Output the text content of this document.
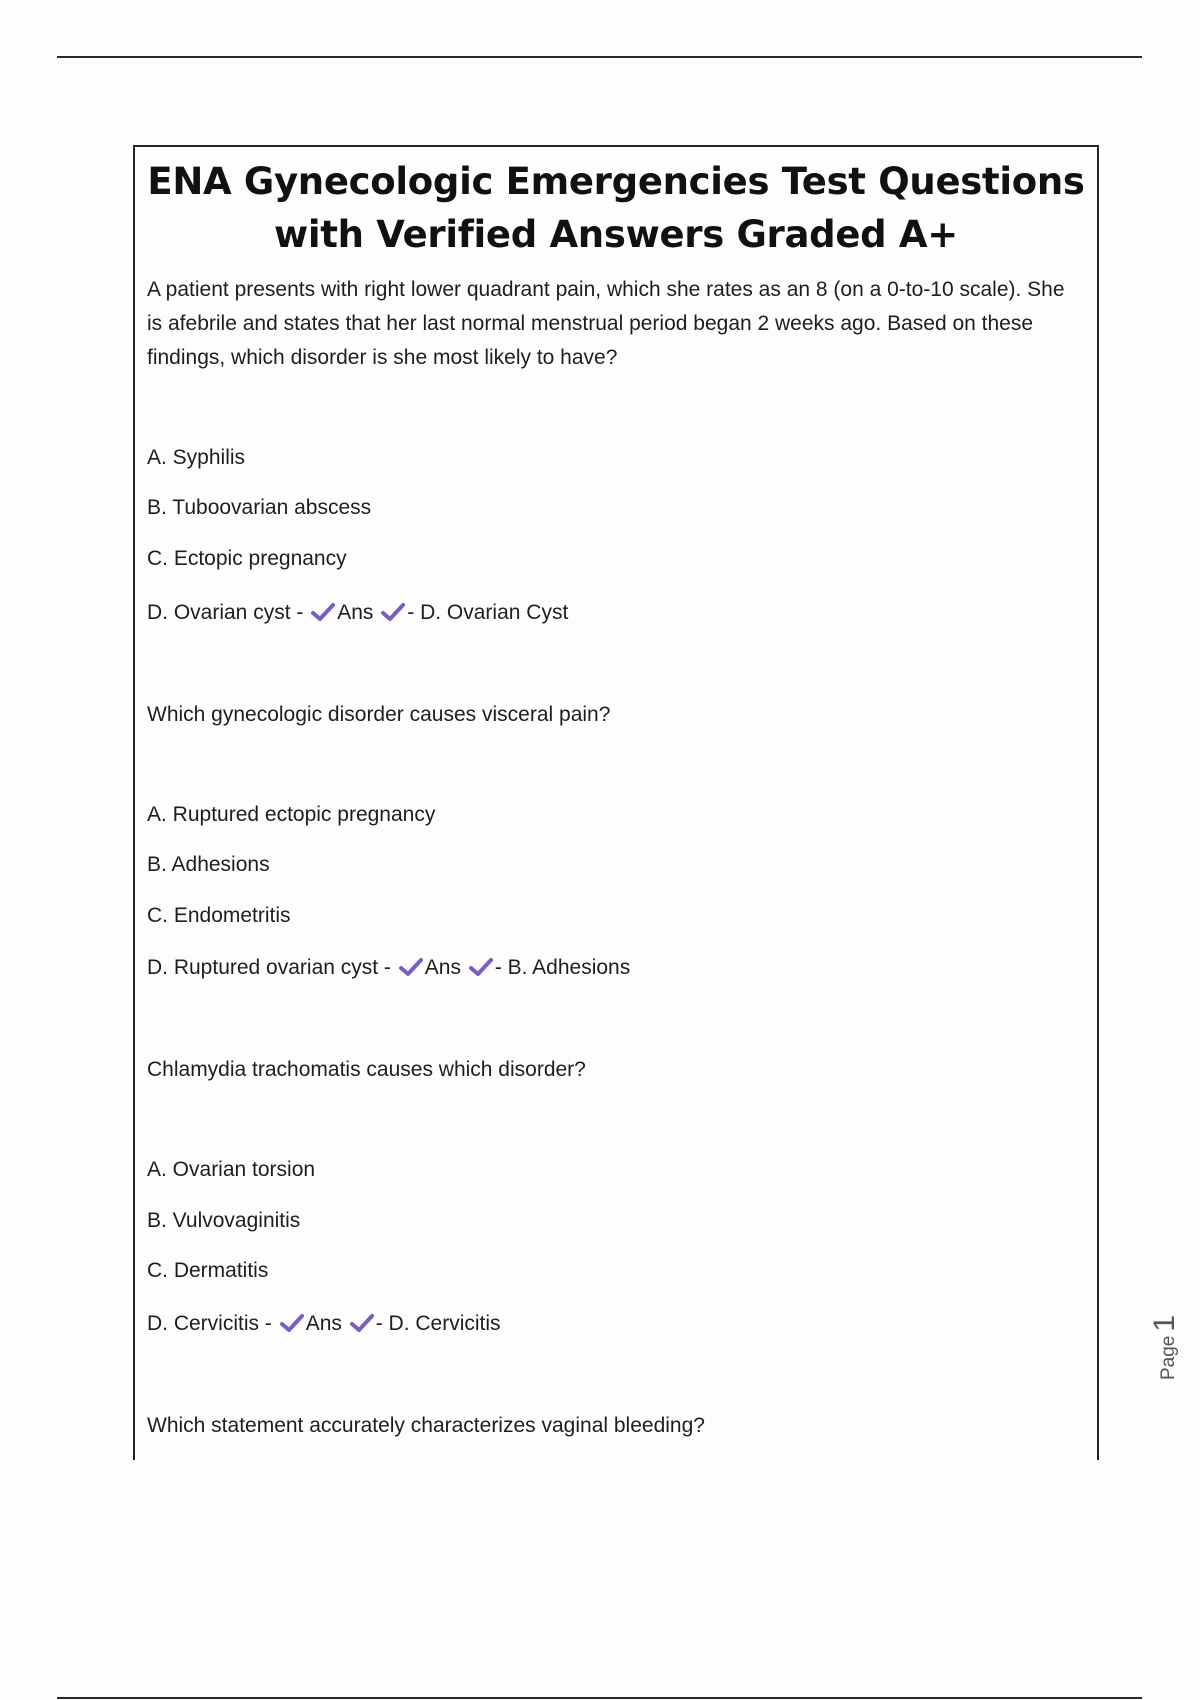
ENA Gynecologic Emergencies Test Questions
with Verified Answers Graded A+
A patient presents with right lower quadrant pain, which she rates as an 8 (on a 0-to-10 scale). She is afebrile and states that her last normal menstrual period began 2 weeks ago. Based on these findings, which disorder is she most likely to have?
A. Syphilis
B. Tuboovarian abscess
C. Ectopic pregnancy
D. Ovarian cyst - Ans - D. Ovarian Cyst
Which gynecologic disorder causes visceral pain?
A. Ruptured ectopic pregnancy
B. Adhesions
C. Endometritis
D. Ruptured ovarian cyst - Ans - B. Adhesions
Chlamydia trachomatis causes which disorder?
A. Ovarian torsion
B. Vulvovaginitis
C. Dermatitis
D. Cervicitis - Ans - D. Cervicitis
Which statement accurately characterizes vaginal bleeding?
Page1
